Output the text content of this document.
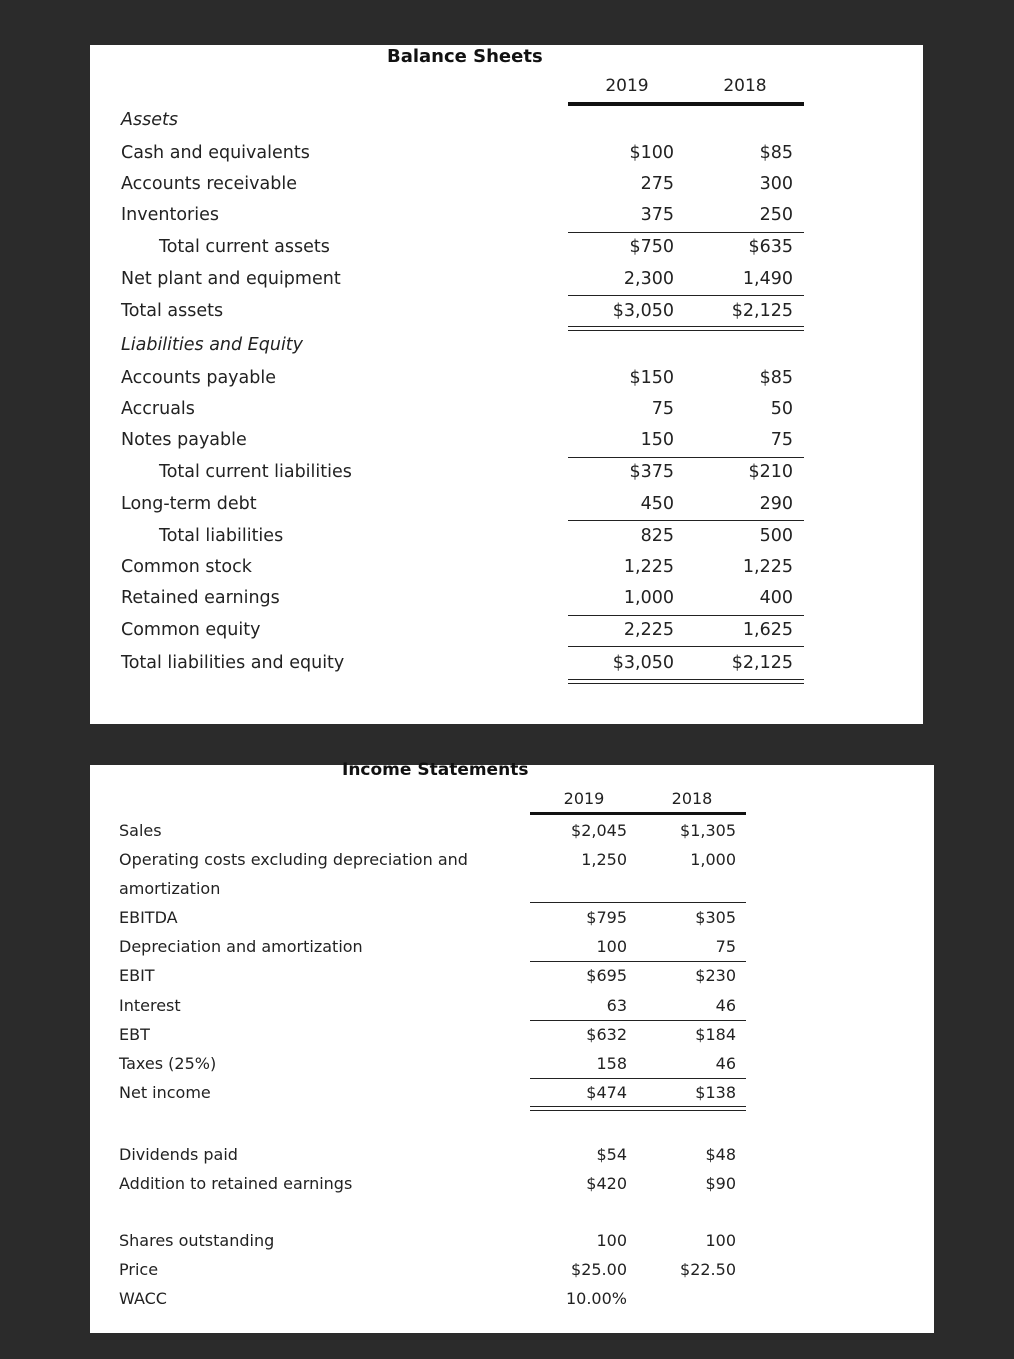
Balance Sheets
2019	2018
Assets
Cash and equivalents	$100	$85
Accounts receivable	275	300
Inventories	375	250
Total current assets	$750	$635
Net plant and equipment	2,300	1,490
Total assets	$3,050	$2,125
Liabilities and Equity
Accounts payable	$150	$85
Accruals	75	50
Notes payable	150	75
Total current liabilities	$375	$210
Long-term debt	450	290
Total liabilities	825	500
Common stock	1,225	1,225
Retained earnings	1,000	400
Common equity	2,225	1,625
Total liabilities and equity	$3,050	$2,125
Income Statements
2019	2018
Sales	$2,045	$1,305
Operating costs excluding depreciation and	1,250	1,000
amortization
EBITDA	$795	$305
Depreciation and amortization	100	75
EBIT	$695	$230
Interest	63	46
EBT	$632	$184
Taxes (25%)	158	46
Net income	$474	$138
Dividends paid	$54	$48
Addition to retained earnings	$420	$90
Shares outstanding	100	100
Price	$25.00	$22.50
WACC	10.00%
